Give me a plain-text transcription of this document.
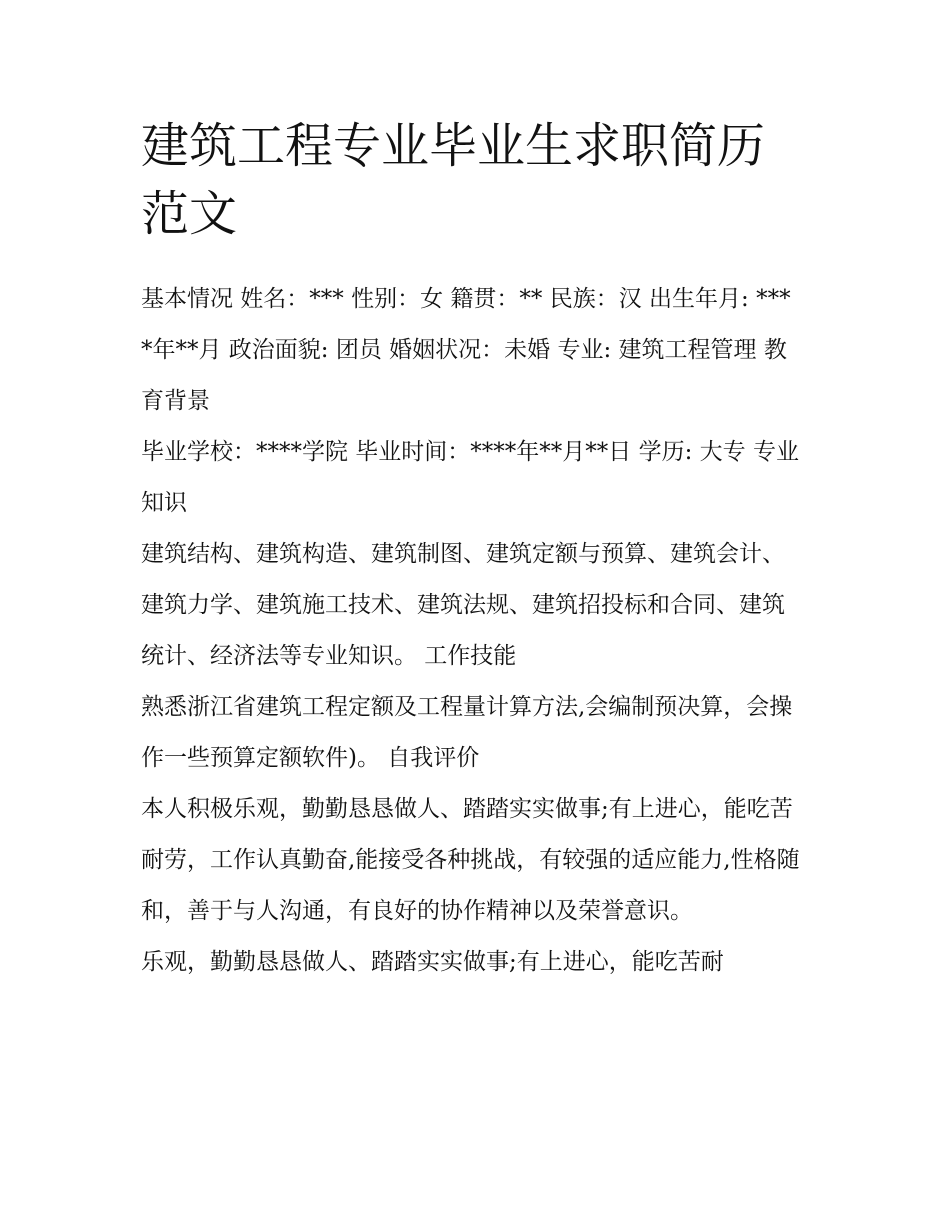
建筑工程专业毕业生求职简历范文

基本情况 姓名：*** 性别：女 籍贯：** 民族：汉 出生年月: ****年**月 政治面貌: 团员 婚姻状况：未婚 专业: 建筑工程管理 教育背景

毕业学校：****学院 毕业时间：****年**月**日 学历: 大专 专业知识

建筑结构、建筑构造、建筑制图、建筑定额与预算、建筑会计、建筑力学、建筑施工技术、建筑法规、建筑招投标和合同、建筑统计、经济法等专业知识。 工作技能

熟悉浙江省建筑工程定额及工程量计算方法,会编制预决算，会操作一些预算定额软件)。 自我评价

本人积极乐观，勤勤恳恳做人、踏踏实实做事;有上进心，能吃苦耐劳，工作认真勤奋,能接受各种挑战，有较强的适应能力,性格随和，善于与人沟通，有良好的协作精神以及荣誉意识。

乐观，勤勤恳恳做人、踏踏实实做事;有上进心，能吃苦耐
